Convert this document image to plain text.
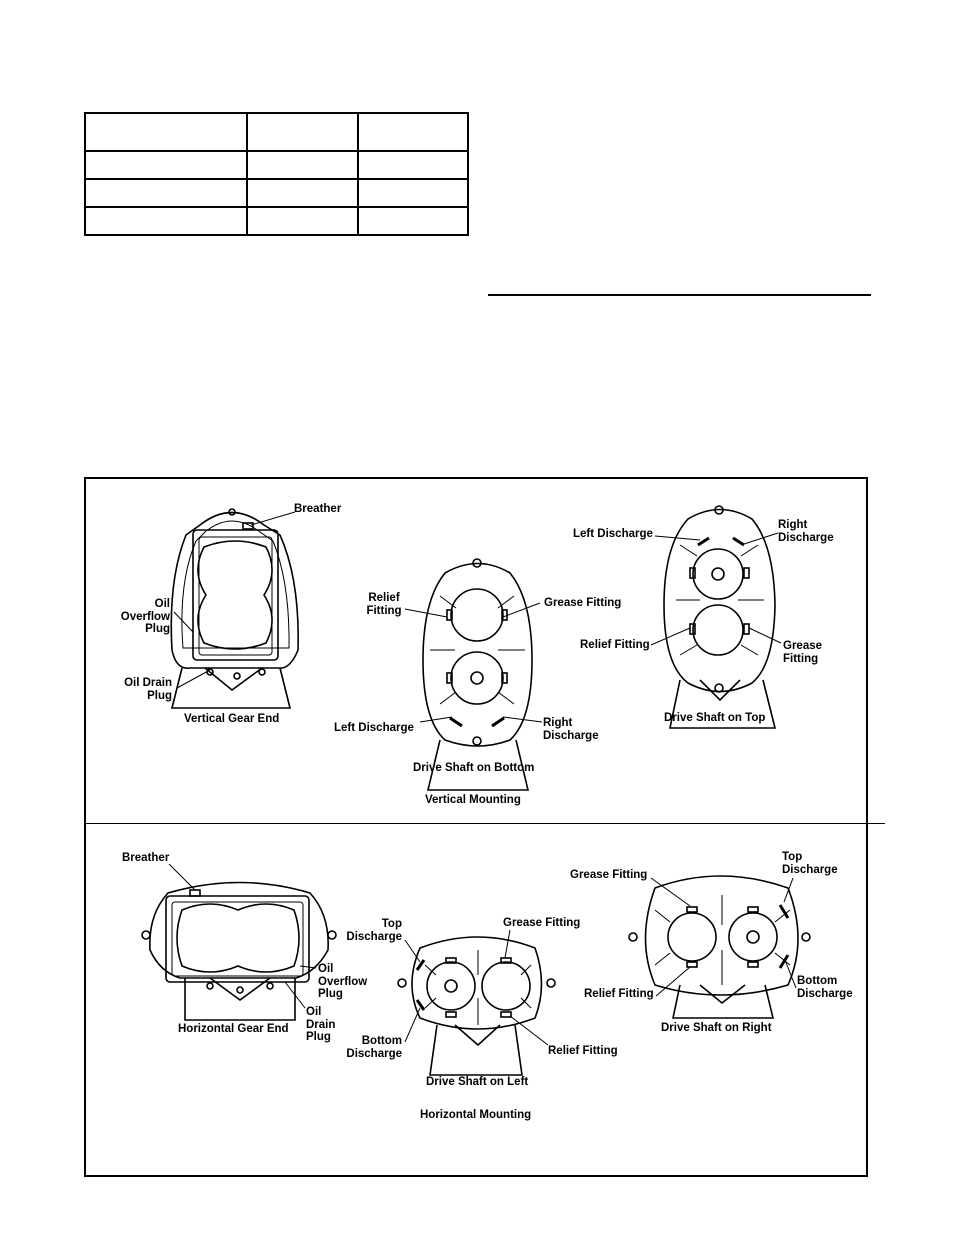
Breather
Oil
Overflow
Plug
Oil Drain
Plug
Vertical Gear End
Relief
Fitting
Grease Fitting
Left Discharge	Right
Discharge
Drive Shaft on Bottom
Vertical Mounting
Left Discharge
Right
Discharge
Relief Fitting	Grease
Fitting
Drive Shaft on Top
Breather
Oil
Overflow
Plug
Oil
Drain
Plug
Horizontal Gear End
Top
Discharge
Grease Fitting
Bottom
Discharge	Relief Fitting
Drive Shaft on Left
Horizontal Mounting
Grease Fitting
Top
Discharge
Relief Fitting
Bottom
Discharge
Drive Shaft on Right
